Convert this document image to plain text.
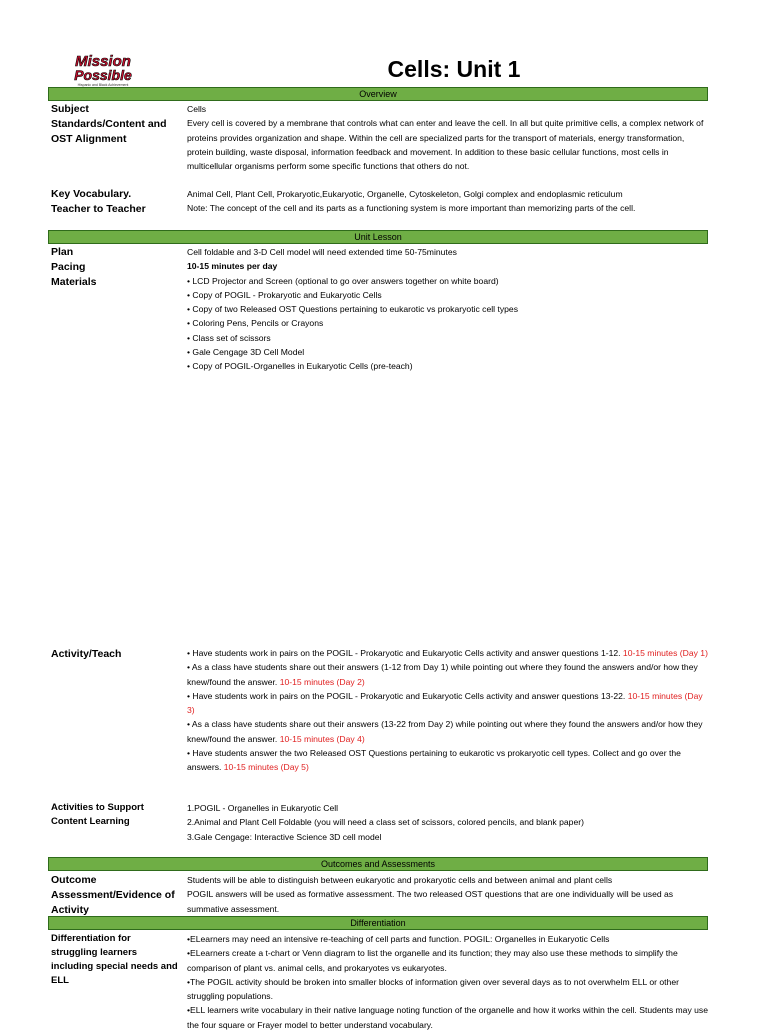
Mission
Possible
Hispanic and Black Achievement
Cells: Unit 1
Overview
Subject
Standards/Content and OST Alignment
Cells
Every cell is covered by a membrane that controls what can enter and leave the cell. In all but quite primitive cells, a complex network of proteins provides organization and shape. Within the cell are specialized parts for the transport of materials, energy transformation, protein building, waste disposal, information feedback and movement. In addition to these basic cellular functions, most cells in multicellular organisms perform some specific functions that others do not.
Key Vocabulary.
Teacher to Teacher
Animal Cell, Plant Cell, Prokaryotic,Eukaryotic, Organelle, Cytoskeleton, Golgi complex and endoplasmic reticulum
Note: The concept of the cell and its parts as a functioning system is more important than memorizing parts of the cell.
Unit Lesson
Plan
Pacing
Materials
Cell foldable and 3-D Cell model will need extended time 50-75minutes
10-15 minutes per day
• LCD Projector and Screen (optional to go over answers together on white board)
• Copy of POGIL - Prokaryotic and Eukaryotic Cells
• Copy of two Released OST Questions pertaining to eukarotic vs prokaryotic cell types
• Coloring Pens, Pencils or Crayons
• Class set of scissors
• Gale Cengage 3D Cell Model
• Copy of POGIL-Organelles in Eukaryotic Cells (pre-teach)
Activity/Teach	• Have students work in pairs on the POGIL - Prokaryotic and Eukaryotic Cells activity and answer questions 1-12. 10-15 minutes (Day 1)
• As a class have students share out their answers (1-12 from Day 1) while pointing out where they found the answers and/or how they knew/found the answer. 10-15 minutes (Day 2)
• Have students work in pairs on the POGIL - Prokaryotic and Eukaryotic Cells activity and answer questions 13-22. 10-15 minutes (Day 3)
• As a class have students share out their answers (13-22 from Day 2) while pointing out where they found the answers and/or how they knew/found the answer. 10-15 minutes (Day 4)
• Have students answer the two Released OST Questions pertaining to eukarotic vs prokaryotic cell types. Collect and go over the answers. 10-15 minutes (Day 5)
Activities to Support Content Learning
1.POGIL - Organelles in Eukaryotic Cell
2.Animal and Plant Cell Foldable (you will need a class set of scissors, colored pencils, and blank paper)
3.Gale Cengage: Interactive Science 3D cell model
Outcomes and Assessments
Outcome
Assessment/Evidence of Activity
Students will be able to distinguish between eukaryotic and prokaryotic cells and between animal and plant cells
POGIL answers will be used as formative assessment. The two released OST questions that are one individually will be used as summative assessment.
Differentiation
Differentiation for struggling learners including special needs and ELL
•ELearners may need an intensive re-teaching of cell parts and function. POGIL: Organelles in Eukaryotic Cells
•ELearners create a t-chart or Venn diagram to list the organelle and its function; they may also use these methods to simplify the comparison of plant vs. animal cells, and prokaryotes vs eukaryotes.
•The POGIL activity should be broken into smaller blocks of information given over several days as to not overwhelm ELL or other struggling populations.
•ELL learners write vocabulary in their native language noting function of the organelle and how it works within the cell. Students may use the four square or Frayer model to better understand vocabulary.
